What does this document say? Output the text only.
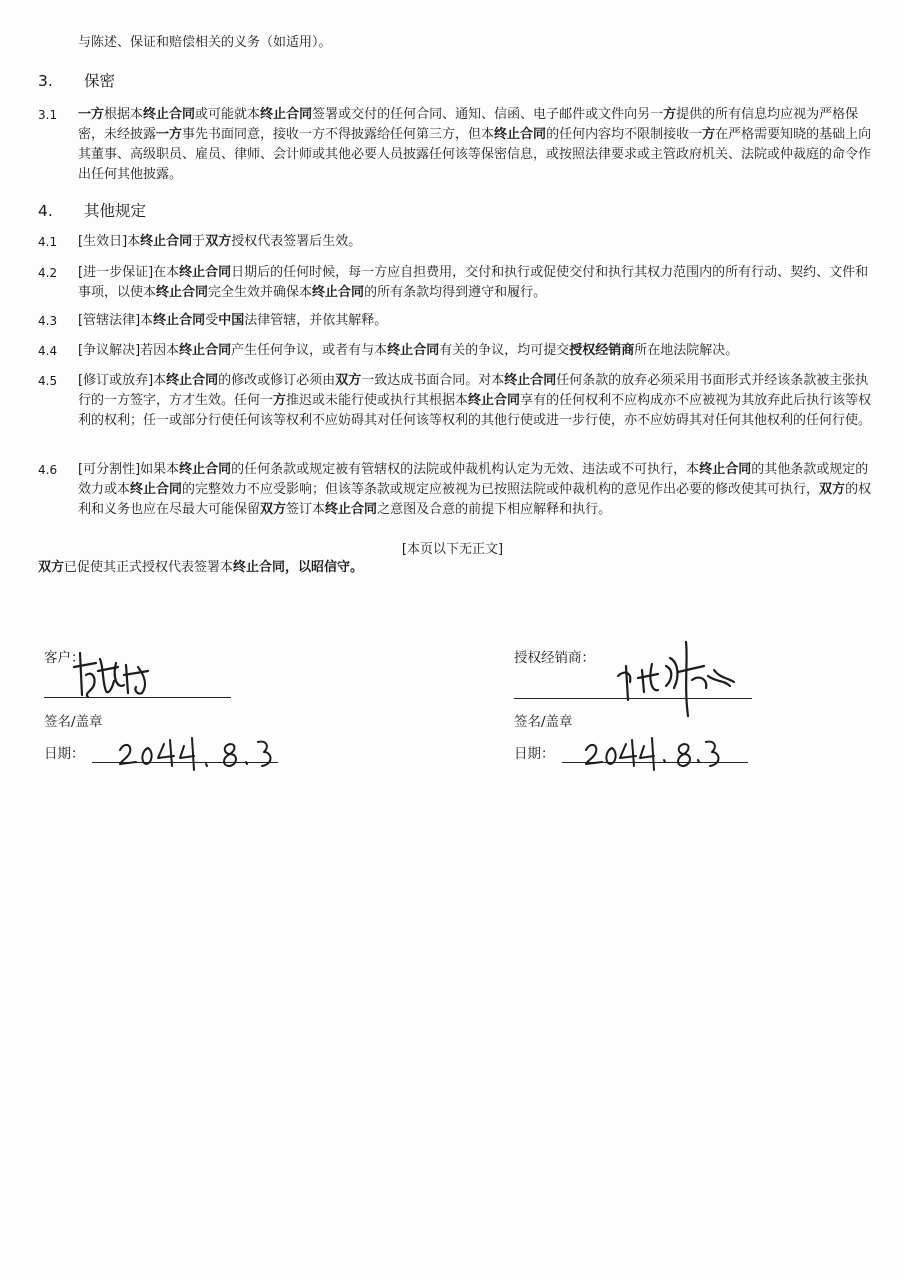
与陈述、保证和赔偿相关的义务（如适用）。
3. 保密
3.1	一方根据本终止合同或可能就本终止合同签署或交付的任何合同、通知、信函、电子邮件或文件向另一方提供的所有信息均应视为严格保密，未经披露一方事先书面同意，接收一方不得披露给任何第三方，但本终止合同的任何内容均不限制接收一方在严格需要知晓的基础上向其董事、高级职员、雇员、律师、会计师或其他必要人员披露任何该等保密信息，或按照法律要求或主管政府机关、法院或仲裁庭的命令作出任何其他披露。
4. 其他规定
4.1	[生效日]本终止合同于双方授权代表签署后生效。
4.2	[进一步保证]在本终止合同日期后的任何时候，每一方应自担费用，交付和执行或促使交付和执行其权力范围内的所有行动、契约、文件和事项，以使本终止合同完全生效并确保本终止合同的所有条款均得到遵守和履行。
4.3	[管辖法律]本终止合同受中国法律管辖，并依其解释。
4.4	[争议解决]若因本终止合同产生任何争议，或者有与本终止合同有关的争议，均可提交授权经销商所在地法院解决。
4.5	[修订或放弃]本终止合同的修改或修订必须由双方一致达成书面合同。对本终止合同任何条款的放弃必须采用书面形式并经该条款被主张执行的一方签字，方才生效。任何一方推迟或未能行使或执行其根据本终止合同享有的任何权利不应构成亦不应被视为其放弃此后执行该等权利的权利；任一或部分行使任何该等权利不应妨碍其对任何该等权利的其他行使或进一步行使，亦不应妨碍其对任何其他权利的任何行使。
4.6	[可分割性]如果本终止合同的任何条款或规定被有管辖权的法院或仲裁机构认定为无效、违法或不可执行，本终止合同的其他条款或规定的效力或本终止合同的完整效力不应受影响；但该等条款或规定应被视为已按照法院或仲裁机构的意见作出必要的修改使其可执行，双方的权利和义务也应在尽最大可能保留双方签订本终止合同之意图及合意的前提下相应解释和执行。
[本页以下无正文]
双方已促使其正式授权代表签署本终止合同，以昭信守。
客户：
签名/盖章
日期：
授权经销商：
签名/盖章
日期：
